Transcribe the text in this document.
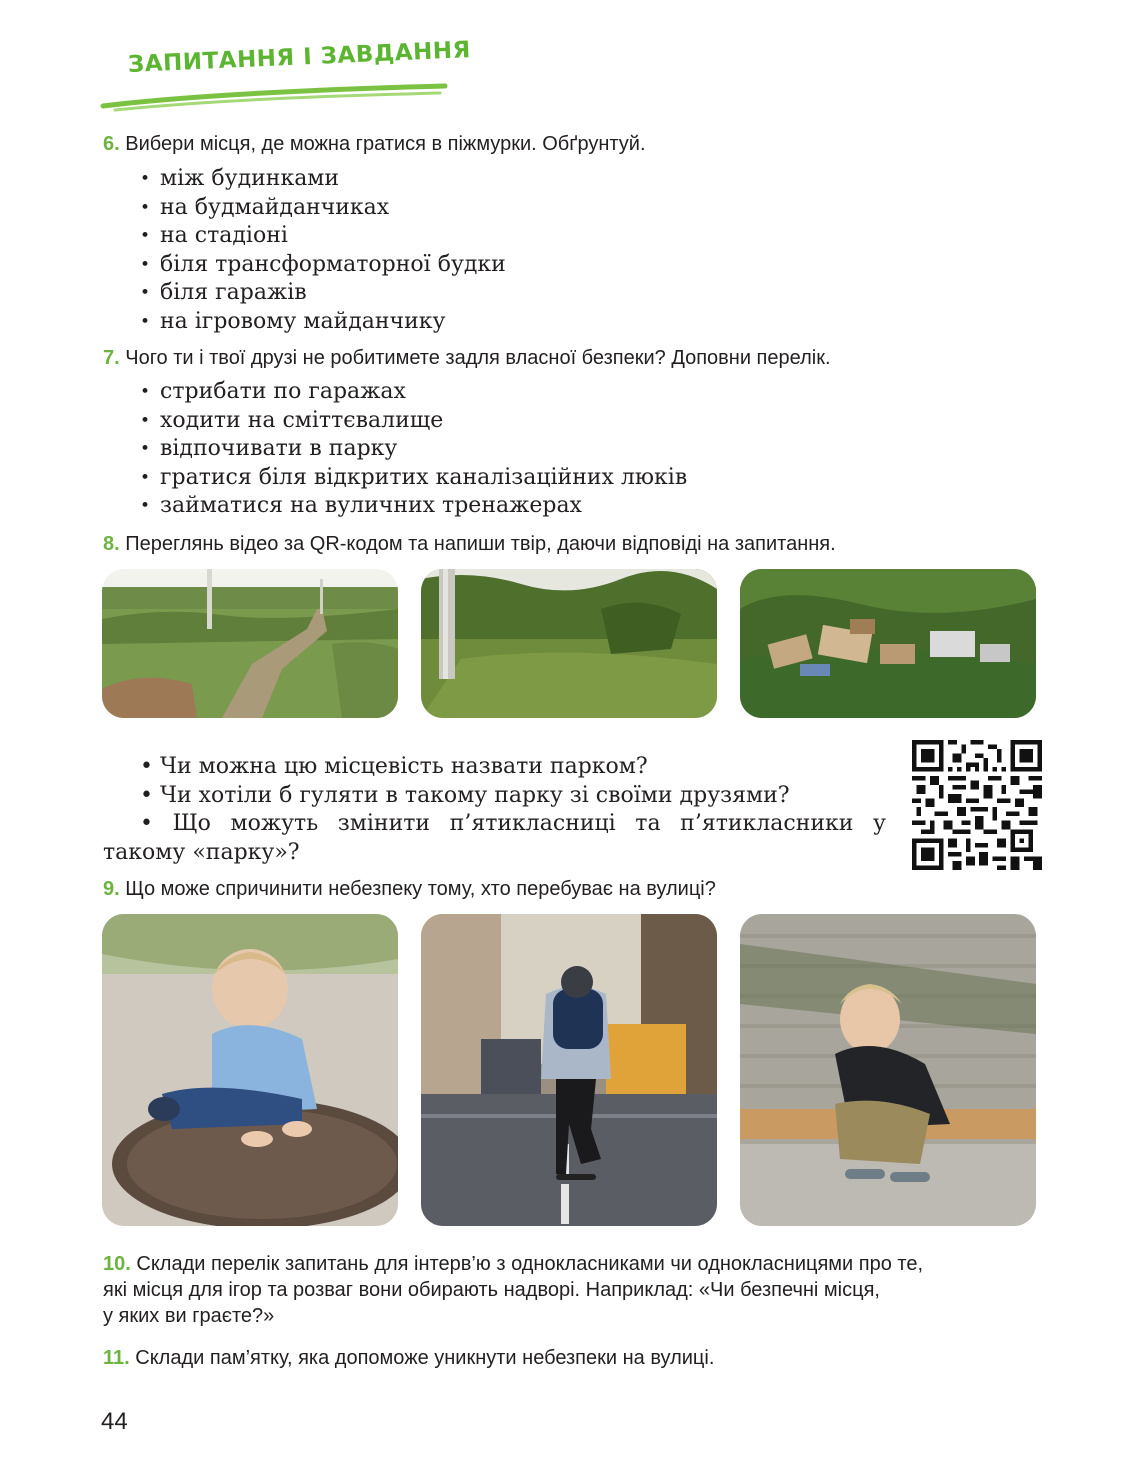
ЗАПИТАННЯ І ЗАВДАННЯ
6. Вибери місця, де можна гратися в піжмурки. Обґрунтуй.
• між будинками
• на будмайданчиках
• на стадіоні
• біля трансформаторної будки
• біля гаражів
• на ігровому майданчику
7. Чого ти і твої друзі не робитимете задля власної безпеки? Доповни перелік.
• стрибати по гаражах
• ходити на сміттєвалище
• відпочивати в парку
• гратися біля відкритих каналізаційних люків
• займатися на вуличних тренажерах
8. Переглянь відео за QR-кодом та напиши твір, даючи відповіді на запитання.
• Чи можна цю місцевість назвати парком?
• Чи хотіли б гуляти в такому парку зі своїми друзями?
• Що можуть змінити п’ятикласниці та п’ятикласники у
такому «парку»?
9. Що може спричинити небезпеку тому, хто перебуває на вулиці?
10. Склади перелік запитань для інтерв’ю з однокласниками чи однокласницями про те,
які місця для ігор та розваг вони обирають надворі. Наприклад: «Чи безпечні місця,
у яких ви граєте?»
11. Склади пам’ятку, яка допоможе уникнути небезпеки на вулиці.
44
